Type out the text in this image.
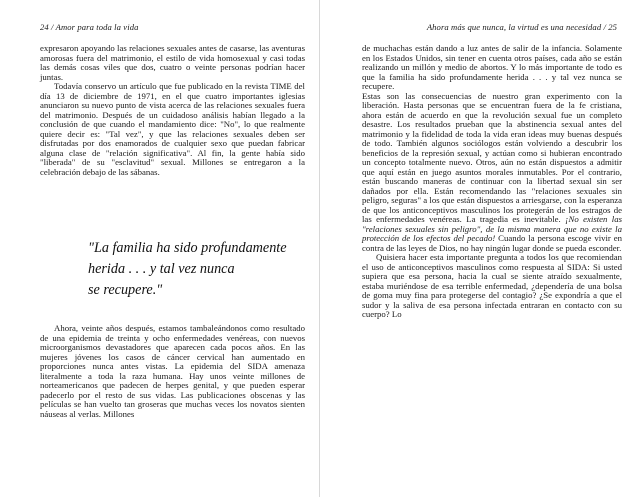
24 / Amor para toda la vida

expresaron apoyando las relaciones sexuales antes de casarse, las aventuras amorosas fuera del matrimonio, el estilo de vida homosexual y casi todas las demás cosas viles que dos, cuatro o veinte personas podrían hacer juntas.

Todavía conservo un artículo que fue publicado en la revista TIME del día 13 de diciembre de 1971, en el que cuatro importantes iglesias anunciaron su nuevo punto de vista acerca de las relaciones sexuales fuera del matrimonio. Después de un cuidadoso análisis habían llegado a la conclusión de que cuando el mandamiento dice: "No", lo que realmente quiere decir es: "Tal vez", y que las relaciones sexuales deben ser disfrutadas por dos enamorados de cualquier sexo que puedan fabricar alguna clase de "relación significativa". Al fin, la gente había sido "liberada" de su "esclavitud" sexual. Millones se entregaron a la celebración debajo de las sábanas.

"La familia ha sido profundamente
herida . . . y tal vez nunca
se recupere."

Ahora, veinte años después, estamos tambaleándonos como resultado de una epidemia de treinta y ocho enfermedades venéreas, con nuevos microorganismos devastadores que aparecen cada pocos años. En las mujeres jóvenes los casos de cáncer cervical han aumentado en proporciones nunca antes vistas. La epidemia del SIDA amenaza literalmente a toda la raza humana. Hay unos veinte millones de norteamericanos que padecen de herpes genital, y que pueden esperar padecerlo por el resto de sus vidas. Las publicaciones obscenas y las películas se han vuelto tan groseras que muchas veces los novatos sienten náuseas al verlas. Millones

Ahora más que nunca, la virtud es una necesidad / 25

de muchachas están dando a luz antes de salir de la infancia. Solamente en los Estados Unidos, sin tener en cuenta otros países, cada año se están realizando un millón y medio de abortos. Y lo más importante de todo es que la familia ha sido profundamente herida . . . y tal vez nunca se recupere.

Estas son las consecuencias de nuestro gran experimento con la liberación. Hasta personas que se encuentran fuera de la fe cristiana, ahora están de acuerdo en que la revolución sexual fue un completo desastre. Los resultados prueban que la abstinencia sexual antes del matrimonio y la fidelidad de toda la vida eran ideas muy buenas después de todo. También algunos sociólogos están volviendo a descubrir los beneficios de la represión sexual, y actúan como si hubieran encontrado un concepto totalmente nuevo. Otros, aún no están dispuestos a admitir que aquí están en juego asuntos morales inmutables. Por el contrario, están buscando maneras de continuar con la libertad sexual sin ser dañados por ella. Están recomendando las "relaciones sexuales sin peligro, seguras" a los que están dispuestos a arriesgarse, con la esperanza de que los anticonceptivos masculinos los protegerán de los estragos de las enfermedades venéreas. La tragedia es inevitable.

¡No existen las "relaciones sexuales sin peligro", de la misma manera que no existe la protección de los efectos del pecado! Cuando la persona escoge vivir en contra de las leyes de Dios, no hay ningún lugar donde se pueda esconder.

Quisiera hacer esta importante pregunta a todos los que recomiendan el uso de anticonceptivos masculinos como respuesta al SIDA: Si usted supiera que esa persona, hacia la cual se siente atraído sexualmente, estaba muriéndose de esa terrible enfermedad, ¿dependería de una bolsa de goma muy fina para protegerse del contagio? ¿Se expondría a que el sudor y la saliva de esa persona infectada entraran en contacto con su cuerpo? Lo
